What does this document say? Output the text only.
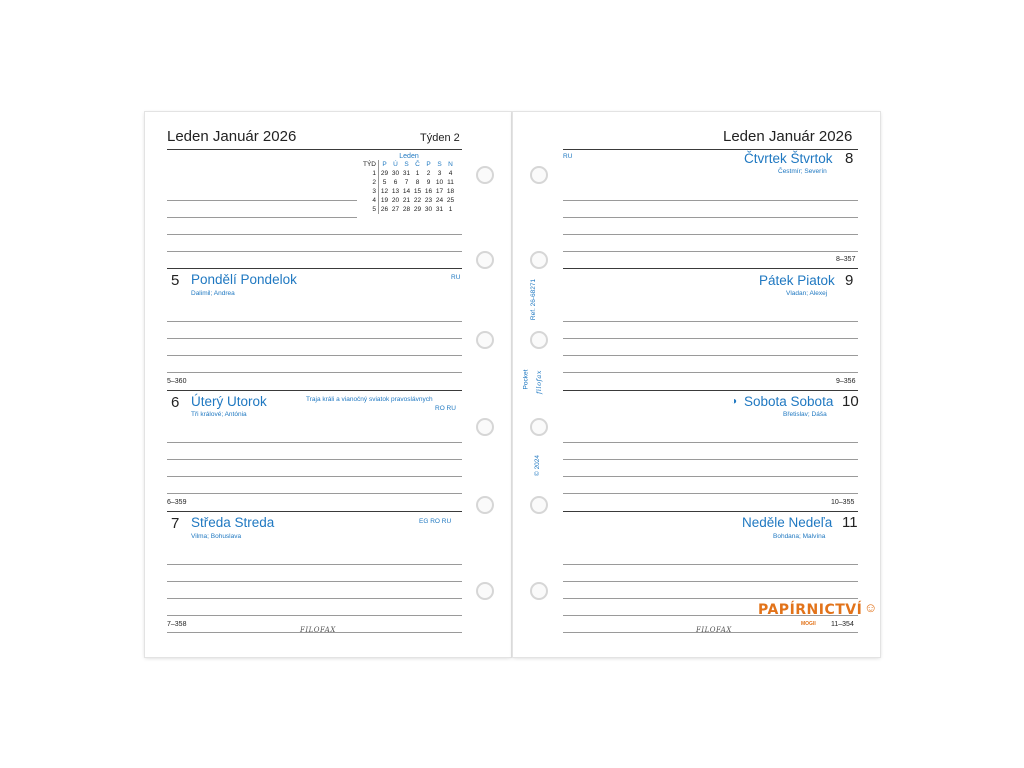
Leden Január 2026	Týden 2
Leden
TÝD	P	Ú	S	Č	P	S	N
1	29	30	31	1	2	3	4
2	5	6	7	8	9	10	11
3	12	13	14	15	16	17	18
4	19	20	21	22	23	24	25
5	26	27	28	29	30	31	1
5 Pondělí Pondelok
Dalimil; Andrea
RU
5–360
6 Úterý Utorok
Tři králové; Antónia
Traja králi a vianočný sviatok pravoslávnych
RO RU
6–359
7 Středa Streda
Vilma; Bohuslava
EG RO RU
7–358
FILOFAX
Leden Január 2026
RU	Čtvrtek Štvrtok 8
Čestmír; Severín
8–357
Pátek Piatok 9
Vladan; Alexej
9–356
◑ Sobota Sobota 10
Břetislav; Dáša
10–355
Neděle Nedeľa 11
Bohdana; Malvína
11–354
FILOFAX
Ref. 26-68271
Pocket filofax
© 2024
PAPÍRNICTVÍ
MOGII
☺
